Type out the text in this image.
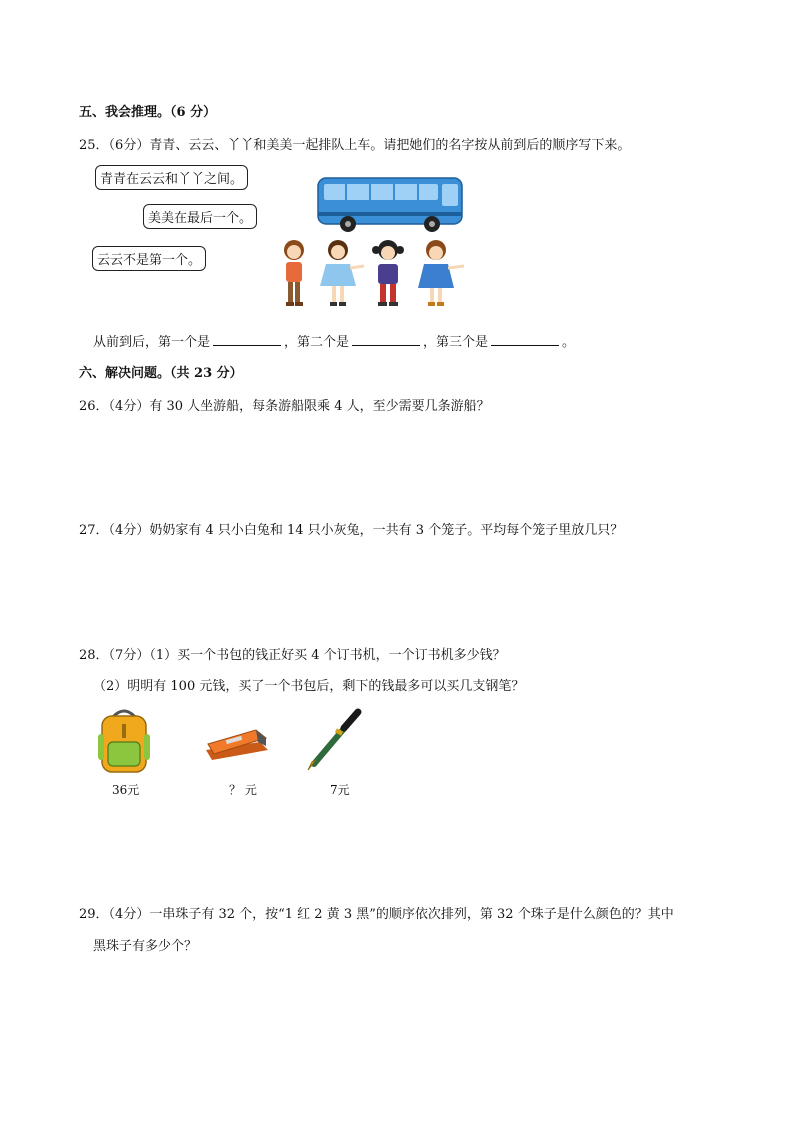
五、我会推理。（6 分）
25．（6分）青青、云云、丫丫和美美一起排队上车。请把她们的名字按从前到后的顺序写下来。
青青在云云和丫丫之间。
美美在最后一个。
云云不是第一个。
从前到后，第一个是	，第二个是	，第三个是	。
六、解决问题。（共 23 分）
26．（4分）有 30 人坐游船，每条游船限乘 4 人，至少需要几条游船？
27．（4分）奶奶家有 4 只小白兔和 14 只小灰兔，一共有 3 个笼子。平均每个笼子里放几只？
28．（7分）（1）买一个书包的钱正好买 4 个订书机，一个订书机多少钱？
（2）明明有 100 元钱，买了一个书包后，剩下的钱最多可以买几支钢笔？
36元	？ 元	7元
29．（4分）一串珠子有 32 个，按“1 红 2 黄 3 黑”的顺序依次排列，第 32 个珠子是什么颜色的？其中
黑珠子有多少个？
